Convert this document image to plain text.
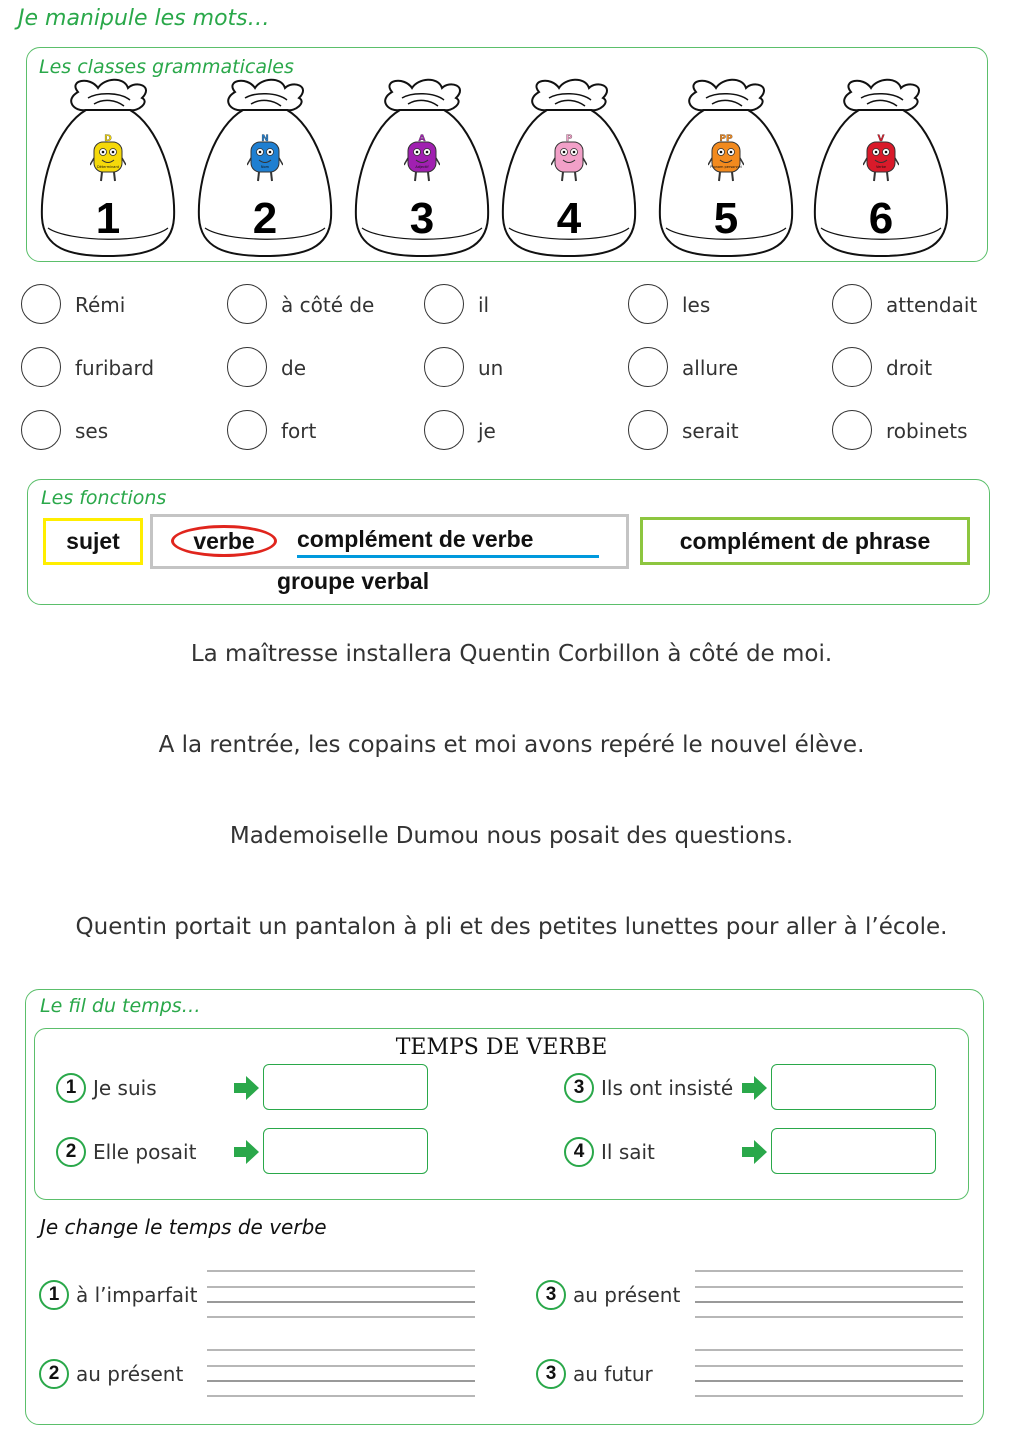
Je manipule les mots…
Les classes grammaticales
D
Déterminant
1
N
Nom
2
A
Adjectif
3
P
4
PP
Pronom personnel
5
V
Verbe
6
Rémi	à côté de	il	les	attendait
furibard	de	un	allure	droit
ses	fort	je	serait	robinets
Les fonctions
sujet	verbe	complément de verbe	complément de phrase
groupe verbal
La maîtresse installera Quentin Corbillon à côté de moi.
A la rentrée, les copains et moi avons repéré le nouvel élève.
Mademoiselle Dumou nous posait des questions.
Quentin portait un pantalon à pli et des petites lunettes pour aller à l’école.
Le fil du temps…
TEMPS DE VERBE
1 Je suis
2 Elle posait
3 Ils ont insisté
4 Il sait
Je change le temps de verbe
1 à l’imparfait
2 au présent
3 au présent
3 au futur
